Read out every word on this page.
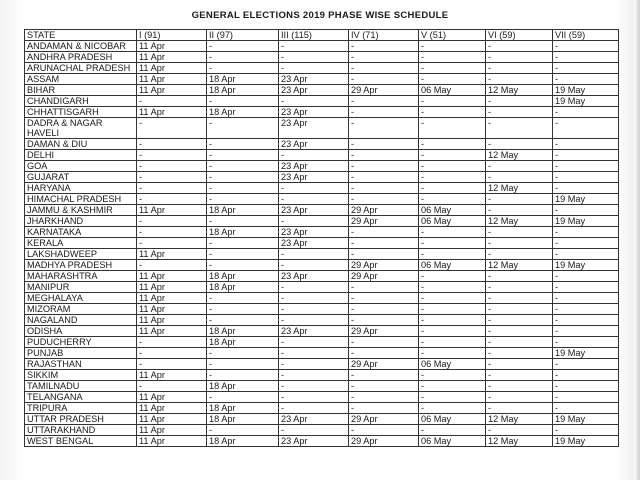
GENERAL ELECTIONS 2019 PHASE WISE SCHEDULE
STATE	I (91)	II (97)	III (115)	IV (71)	V (51)	VI (59)	VII (59)
ANDAMAN & NICOBAR	11 Apr	-	-	-	-	-	-
ANDHRA PRADESH	11 Apr	-	-	-	-	-	-
ARUNACHAL PRADESH	11 Apr	-	-	-	-	-	-
ASSAM	11 Apr	18 Apr	23 Apr	-	-	-	-
BIHAR	11 Apr	18 Apr	23 Apr	29 Apr	06 May	12 May	19 May
CHANDIGARH	-	-	-	-	-	-	19 May
CHHATTISGARH	11 Apr	18 Apr	23 Apr	-	-	-	-
DADRA & NAGAR HAVELI	-	-	23 Apr	-	-	-	-
DAMAN & DIU	-	-	23 Apr	-	-	-	-
DELHI	-	-	-	-	-	12 May	-
GOA	-	-	23 Apr	-	-	-	-
GUJARAT	-	-	23 Apr	-	-	-	-
HARYANA	-	-	-	-	-	12 May	-
HIMACHAL PRADESH	-	-	-	-	-	-	19 May
JAMMU & KASHMIR	11 Apr	18 Apr	23 Apr	29 Apr	06 May	-	-
JHARKHAND	-	-	-	29 Apr	06 May	12 May	19 May
KARNATAKA	-	18 Apr	23 Apr	-	-	-	-
KERALA	-	-	23 Apr	-	-	-	-
LAKSHADWEEP	11 Apr	-	-	-	-	-	-
MADHYA PRADESH	-	-	-	29 Apr	06 May	12 May	19 May
MAHARASHTRA	11 Apr	18 Apr	23 Apr	29 Apr	-	-	-
MANIPUR	11 Apr	18 Apr	-	-	-	-	-
MEGHALAYA	11 Apr	-	-	-	-	-	-
MIZORAM	11 Apr	-	-	-	-	-	-
NAGALAND	11 Apr	-	-	-	-	-	-
ODISHA	11 Apr	18 Apr	23 Apr	29 Apr	-	-	-
PUDUCHERRY	-	18 Apr	-	-	-	-	-
PUNJAB	-	-	-	-	-	-	19 May
RAJASTHAN	-	-	-	29 Apr	06 May	-	-
SIKKIM	11 Apr	-	-	-	-	-	-
TAMILNADU	-	18 Apr	-	-	-	-	-
TELANGANA	11 Apr	-	-	-	-	-	-
TRIPURA	11 Apr	18 Apr	-	-	-	-	-
UTTAR PRADESH	11 Apr	18 Apr	23 Apr	29 Apr	06 May	12 May	19 May
UTTARAKHAND	11 Apr	-	-	-	-	-	-
WEST BENGAL	11 Apr	18 Apr	23 Apr	29 Apr	06 May	12 May	19 May
